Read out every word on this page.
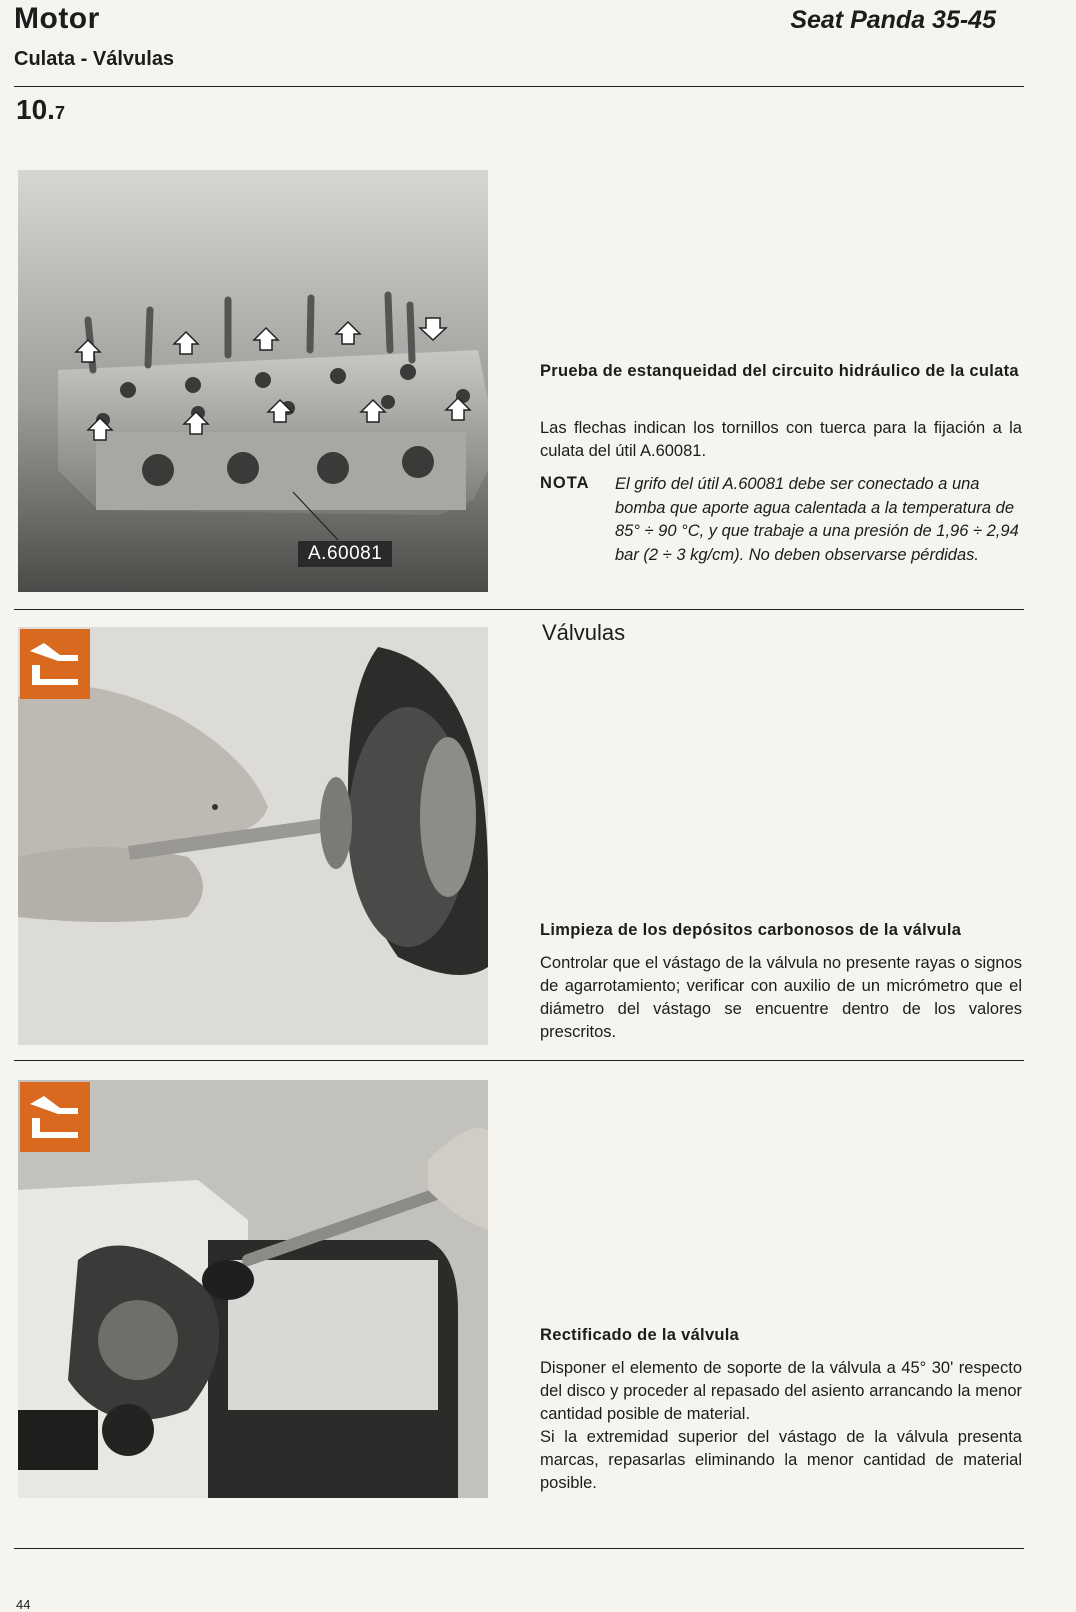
Motor
Culata - Válvulas
Seat Panda 35-45
10.7
A.60081
Prueba de estanqueidad del circuito hidráulico de la culata
Las flechas indican los tornillos con tuerca para la fijación a la culata del útil A.60081.
NOTA El grifo del útil A.60081 debe ser conectado a una bomba que aporte agua calentada a la temperatura de 85° ÷ 90 °C, y que trabaje a una presión de 1,96 ÷ 2,94 bar (2 ÷ 3 kg/cm). No deben observarse pérdidas.
Válvulas
Limpieza de los depósitos carbonosos de la válvula
Controlar que el vástago de la válvula no presente rayas o signos de agarrotamiento; verificar con auxilio de un micrómetro que el diámetro del vástago se encuentre dentro de los valores prescritos.
Rectificado de la válvula
Disponer el elemento de soporte de la válvula a 45° 30' respecto del disco y proceder al repasado del asiento arrancando la menor cantidad posible de material.
Si la extremidad superior del vástago de la válvula presenta marcas, repasarlas eliminando la menor cantidad de material posible.
44
